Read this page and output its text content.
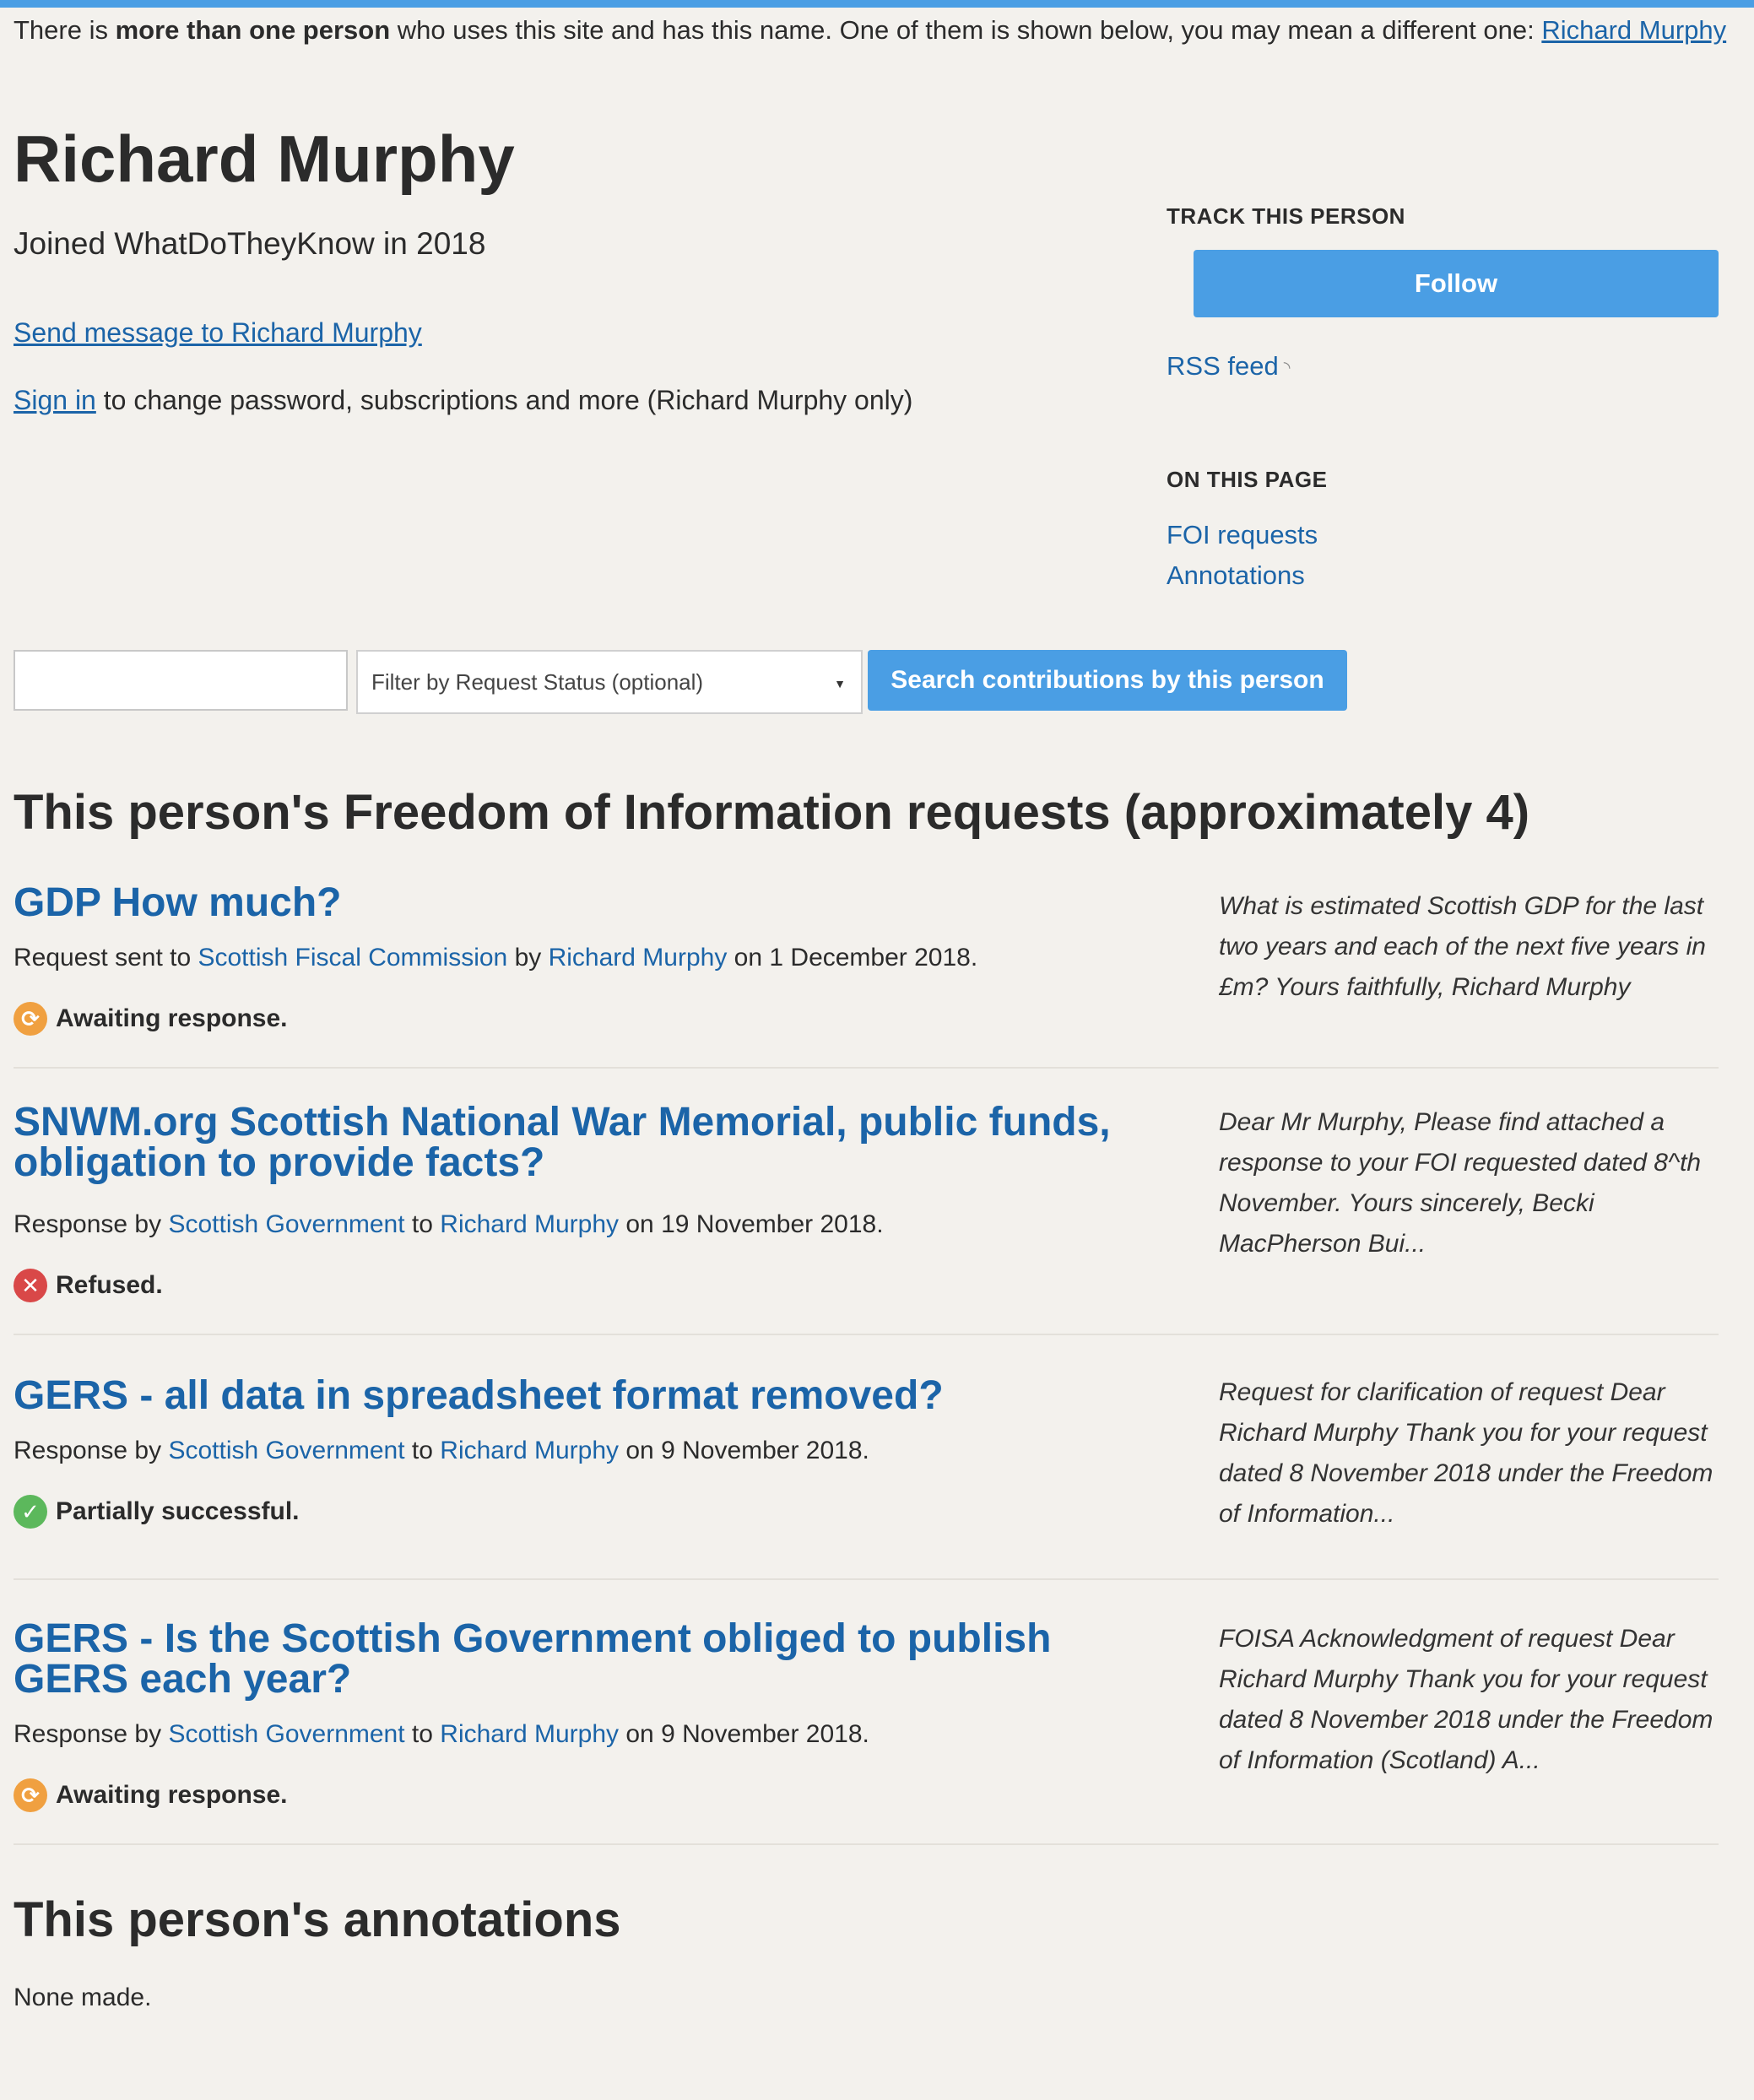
There is more than one person who uses this site and has this name. One of them is shown below, you may mean a different one: Richard Murphy
Richard Murphy
Joined WhatDoTheyKnow in 2018
Send message to Richard Murphy
Sign in to change password, subscriptions and more (Richard Murphy only)
TRACK THIS PERSON
Follow
RSS feed ◝
ON THIS PAGE
FOI requests
Annotations
Filter by Request Status (optional)	▼	Search contributions by this person
This person's Freedom of Information requests (approximately 4)
GDP How much?
Request sent to Scottish Fiscal Commission by Richard Murphy on 1 December 2018.
⟳ Awaiting response.
What is estimated Scottish GDP for the last two years and each of the next five years in £m? Yours faithfully, Richard Murphy
SNWM.org Scottish National War Memorial, public funds, obligation to provide facts?
Response by Scottish Government to Richard Murphy on 19 November 2018.
✕ Refused.
Dear Mr Murphy, Please find attached a response to your FOI requested dated 8^th November. Yours sincerely, Becki MacPherson Bui...
GERS - all data in spreadsheet format removed?
Response by Scottish Government to Richard Murphy on 9 November 2018.
✓ Partially successful.
Request for clarification of request Dear Richard Murphy Thank you for your request dated 8 November 2018 under the Freedom of Information...
GERS - Is the Scottish Government obliged to publish GERS each year?
Response by Scottish Government to Richard Murphy on 9 November 2018.
⟳ Awaiting response.
FOISA Acknowledgment of request Dear Richard Murphy Thank you for your request dated 8 November 2018 under the Freedom of Information (Scotland) A...
This person's annotations
None made.
